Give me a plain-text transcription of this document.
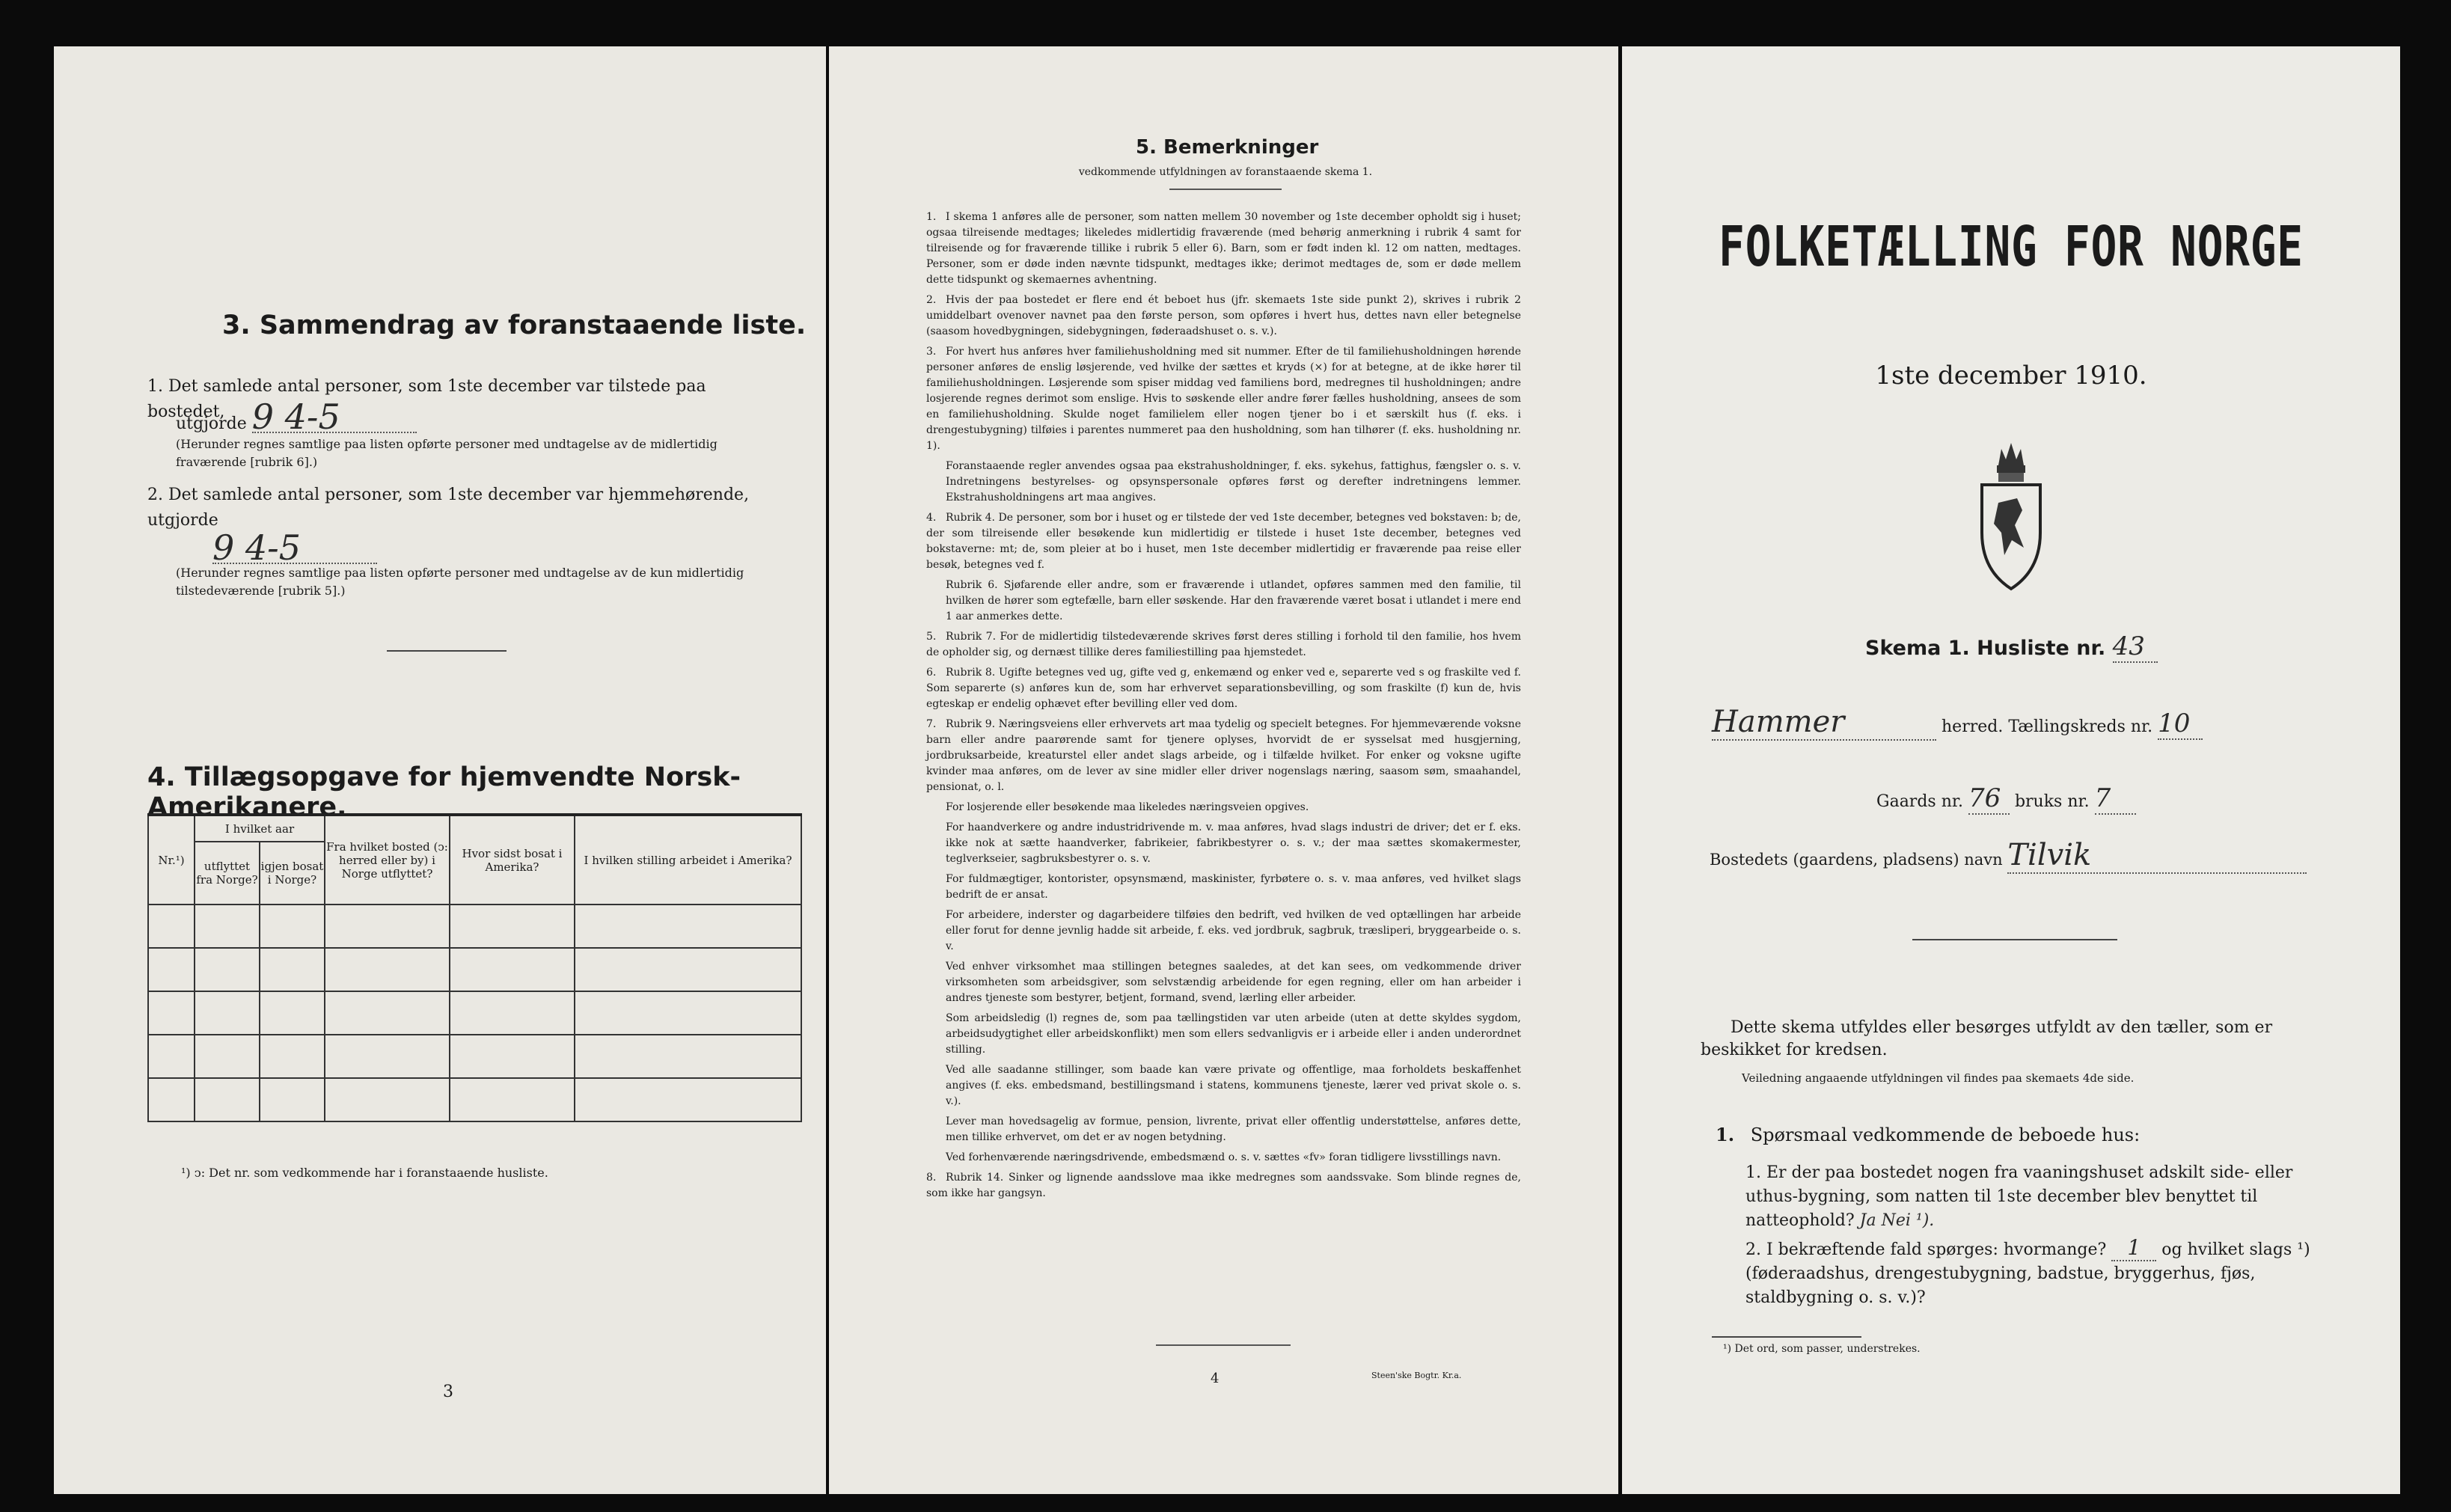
3. Sammendrag av foranstaaende liste.
1. Det samlede antal personer, som 1ste december var tilstede paa bostedet,
utgjorde 9 4-5
(Herunder regnes samtlige paa listen opførte personer med undtagelse av de midlertidig fraværende [rubrik 6].)
2. Det samlede antal personer, som 1ste december var hjemmehørende, utgjorde
9 4-5
(Herunder regnes samtlige paa listen opførte personer med undtagelse av de kun midlertidig tilstedeværende [rubrik 5].)
4. Tillægsopgave for hjemvendte Norsk-Amerikanere.
Nr.¹)	I hvilket aar		Fra hvilket bosted (ↄ: herred eller by) i Norge utflyttet?	Hvor sidst bosat i Amerika?	I hvilken stilling arbeidet i Amerika?
	utflyttet fra Norge?	igjen bosat i Norge?			

¹) ↄ: Det nr. som vedkommende har i foranstaaende husliste.
3
5. Bemerkninger
vedkommende utfyldningen av foranstaaende skema 1.

1. I skema 1 anføres alle de personer, som natten mellem 30 november og 1ste december opholdt sig i huset; ogsaa tilreisende medtages; likeledes midlertidig fraværende (med behørig anmerkning i rubrik 4 samt for tilreisende og for fraværende tillike i rubrik 5 eller 6). Barn, som er født inden kl. 12 om natten, medtages. Personer, som er døde inden nævnte tidspunkt, medtages ikke; derimot medtages de, som er døde mellem dette tidspunkt og skemaernes avhentning.

2. Hvis der paa bostedet er flere end ét beboet hus (jfr. skemaets 1ste side punkt 2), skrives i rubrik 2 umiddelbart ovenover navnet paa den første person, som opføres i hvert hus, dettes navn eller betegnelse (saasom hovedbygningen, sidebygningen, føderaadshuset o. s. v.).

3. For hvert hus anføres hver familiehusholdning med sit nummer. Efter de til familiehusholdningen hørende personer anføres de enslig løsjerende, ved hvilke der sættes et kryds (×) for at betegne, at de ikke hører til familiehusholdningen. Løsjerende som spiser middag ved familiens bord, medregnes til husholdningen; andre losjerende regnes derimot som enslige. Hvis to søskende eller andre fører fælles husholdning, ansees de som en familiehusholdning. Skulde noget familielem eller nogen tjener bo i et særskilt hus (f. eks. i drengestubygning) tilføies i parentes nummeret paa den husholdning, som han tilhører (f. eks. husholdning nr. 1).

Foranstaaende regler anvendes ogsaa paa ekstrahusholdninger, f. eks. sykehus, fattighus, fængsler o. s. v. Indretningens bestyrelses- og opsynspersonale opføres først og derefter indretningens lemmer. Ekstrahusholdningens art maa angives.

4. Rubrik 4. De personer, som bor i huset og er tilstede der ved 1ste december, betegnes ved bokstaven: b; de, der som tilreisende eller besøkende kun midlertidig er tilstede i huset 1ste december, betegnes ved bokstaverne: mt; de, som pleier at bo i huset, men 1ste december midlertidig er fraværende paa reise eller besøk, betegnes ved f.

Rubrik 6. Sjøfarende eller andre, som er fraværende i utlandet, opføres sammen med den familie, til hvilken de hører som egtefælle, barn eller søskende. Har den fraværende været bosat i utlandet i mere end 1 aar anmerkes dette.

5. Rubrik 7. For de midlertidig tilstedeværende skrives først deres stilling i forhold til den familie, hos hvem de opholder sig, og dernæst tillike deres familiestilling paa hjemstedet.

6. Rubrik 8. Ugifte betegnes ved ug, gifte ved g, enkemænd og enker ved e, separerte ved s og fraskilte ved f. Som separerte (s) anføres kun de, som har erhvervet separationsbevilling, og som fraskilte (f) kun de, hvis egteskap er endelig ophævet efter bevilling eller ved dom.

7. Rubrik 9. Næringsveiens eller erhvervets art maa tydelig og specielt betegnes. For hjemmeværende voksne barn eller andre paarørende samt for tjenere oplyses, hvorvidt de er sysselsat med husgjerning, jordbruksarbeide, kreaturstel eller andet slags arbeide, og i tilfælde hvilket. For enker og voksne ugifte kvinder maa anføres, om de lever av sine midler eller driver nogenslags næring, saasom søm, smaahandel, pensionat, o. l.

For losjerende eller besøkende maa likeledes næringsveien opgives.

For haandverkere og andre industridrivende m. v. maa anføres, hvad slags industri de driver; det er f. eks. ikke nok at sætte haandverker, fabrikeier, fabrikbestyrer o. s. v.; der maa sættes skomakermester, teglverkseier, sagbruksbestyrer o. s. v.

For fuldmægtiger, kontorister, opsynsmænd, maskinister, fyrbøtere o. s. v. maa anføres, ved hvilket slags bedrift de er ansat.

For arbeidere, inderster og dagarbeidere tilføies den bedrift, ved hvilken de ved optællingen har arbeide eller forut for denne jevnlig hadde sit arbeide, f. eks. ved jordbruk, sagbruk, træsliperi, bryggearbeide o. s. v.

Ved enhver virksomhet maa stillingen betegnes saaledes, at det kan sees, om vedkommende driver virksomheten som arbeidsgiver, som selvstændig arbeidende for egen regning, eller om han arbeider i andres tjeneste som bestyrer, betjent, formand, svend, lærling eller arbeider.

Som arbeidsledig (l) regnes de, som paa tællingstiden var uten arbeide (uten at dette skyldes sygdom, arbeidsudygtighet eller arbeidskonflikt) men som ellers sedvanligvis er i arbeide eller i anden underordnet stilling.

Ved alle saadanne stillinger, som baade kan være private og offentlige, maa forholdets beskaffenhet angives (f. eks. embedsmand, bestillingsmand i statens, kommunens tjeneste, lærer ved privat skole o. s. v.).

Lever man hovedsagelig av formue, pension, livrente, privat eller offentlig understøttelse, anføres dette, men tillike erhvervet, om det er av nogen betydning.

Ved forhenværende næringsdrivende, embedsmænd o. s. v. sættes «fv» foran tidligere livsstillings navn.

8. Rubrik 14. Sinker og lignende aandsslove maa ikke medregnes som aandssvake. Som blinde regnes de, som ikke har gangsyn.

4	Steen'ske Bogtr. Kr.a.
FOLKETÆLLING FOR NORGE
1ste december 1910.
Skema 1. Husliste nr. 43
Hammer	herred. Tællingskreds nr. 10
Gaards nr. 76 bruks nr. 7
Bostedets (gaardens, pladsens) navn Tilvik
Dette skema utfyldes eller besørges utfyldt av den tæller, som er beskikket for kredsen.
Veiledning angaaende utfyldningen vil findes paa skemaets 4de side.
1. Spørsmaal vedkommende de beboede hus:
1. Er der paa bostedet nogen fra vaaningshuset adskilt side- eller uthus-bygning, som natten til 1ste december blev benyttet til natteophold? Ja Nei ¹).
2. I bekræftende fald spørges: hvormange? 1 og hvilket slags ¹) (føderaadshus, drengestubygning, badstue, bryggerhus, fjøs, staldbygning o. s. v.)?
¹) Det ord, som passer, understrekes.
